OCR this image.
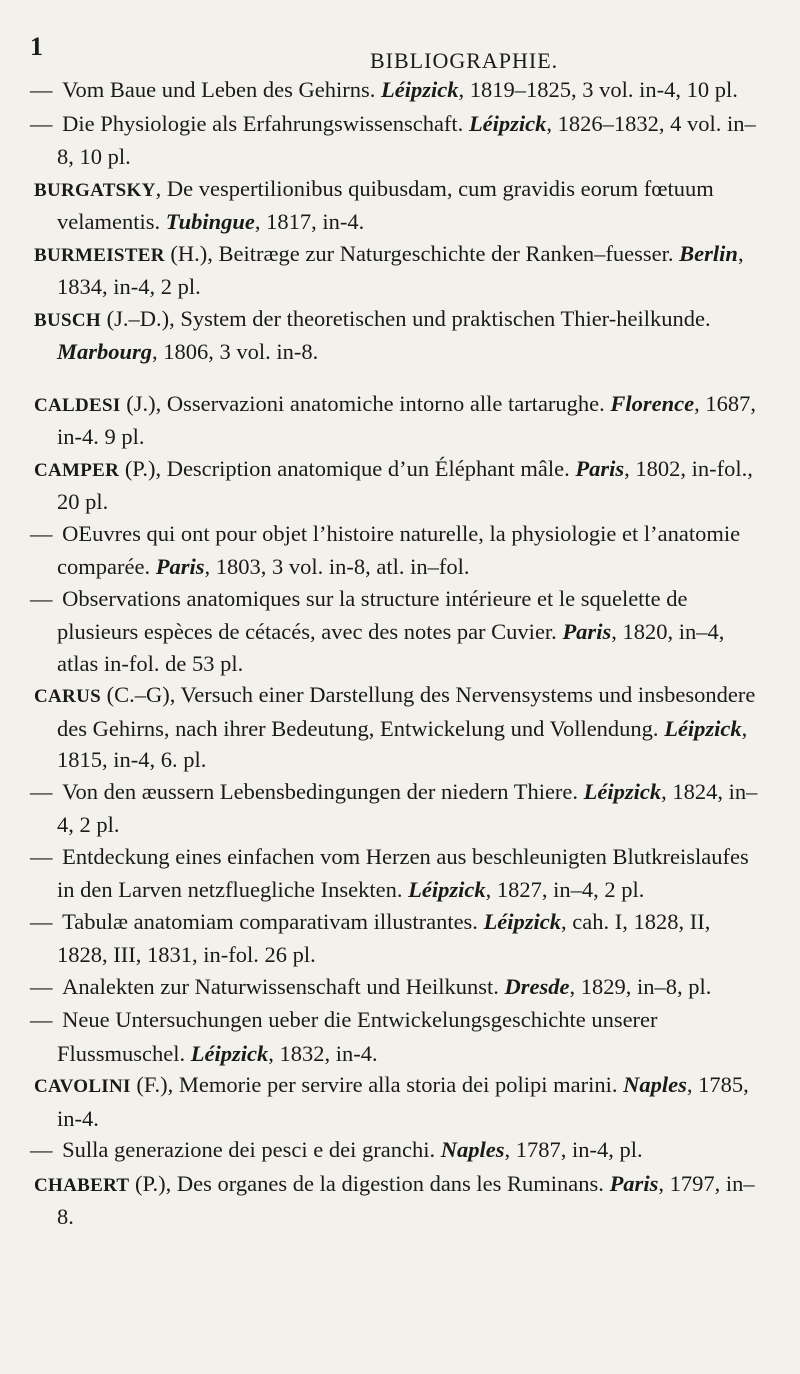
1	BIBLIOGRAPHIE.

— Vom Baue und Leben des Gehirns. Léipzick, 1819–1825, 3 vol. in-4, 10 pl.

— Die Physiologie als Erfahrungswissenschaft. Léipzick, 1826–1832, 4 vol. in–8, 10 pl.

BURGATSKY, De vespertilionibus quibusdam, cum gravidis eorum fœtuum velamentis. Tubingue, 1817, in-4.

BURMEISTER (H.), Beitræge zur Naturgeschichte der Ranken–fuesser. Berlin, 1834, in-4, 2 pl.

BUSCH (J.–D.), System der theoretischen und praktischen Thier-heilkunde. Marbourg, 1806, 3 vol. in-8.

CALDESI (J.), Osservazioni anatomiche intorno alle tartarughe. Florence, 1687, in-4. 9 pl.

CAMPER (P.), Description anatomique d’un Éléphant mâle. Paris, 1802, in-fol., 20 pl.

— OEuvres qui ont pour objet l’histoire naturelle, la physiologie et l’anatomie comparée. Paris, 1803, 3 vol. in-8, atl. in–fol.

— Observations anatomiques sur la structure intérieure et le squelette de plusieurs espèces de cétacés, avec des notes par Cuvier. Paris, 1820, in–4, atlas in-fol. de 53 pl.

CARUS (C.–G), Versuch einer Darstellung des Nervensystems und insbesondere des Gehirns, nach ihrer Bedeutung, Entwickelung und Vollendung. Léipzick, 1815, in-4, 6. pl.

— Von den æussern Lebensbedingungen der niedern Thiere. Léipzick, 1824, in–4, 2 pl.

— Entdeckung eines einfachen vom Herzen aus beschleunigten Blutkreislaufes in den Larven netzfluegliche Insekten. Léipzick, 1827, in–4, 2 pl.

— Tabulæ anatomiam comparativam illustrantes. Léipzick, cah. I, 1828, II, 1828, III, 1831, in-fol. 26 pl.

— Analekten zur Naturwissenschaft und Heilkunst. Dresde, 1829, in–8, pl.

— Neue Untersuchungen ueber die Entwickelungsgeschichte unserer Flussmuschel. Léipzick, 1832, in-4.

CAVOLINI (F.), Memorie per servire alla storia dei polipi marini. Naples, 1785, in-4.

— Sulla generazione dei pesci e dei granchi. Naples, 1787, in-4, pl.

CHABERT (P.), Des organes de la digestion dans les Ruminans. Paris, 1797, in–8.
